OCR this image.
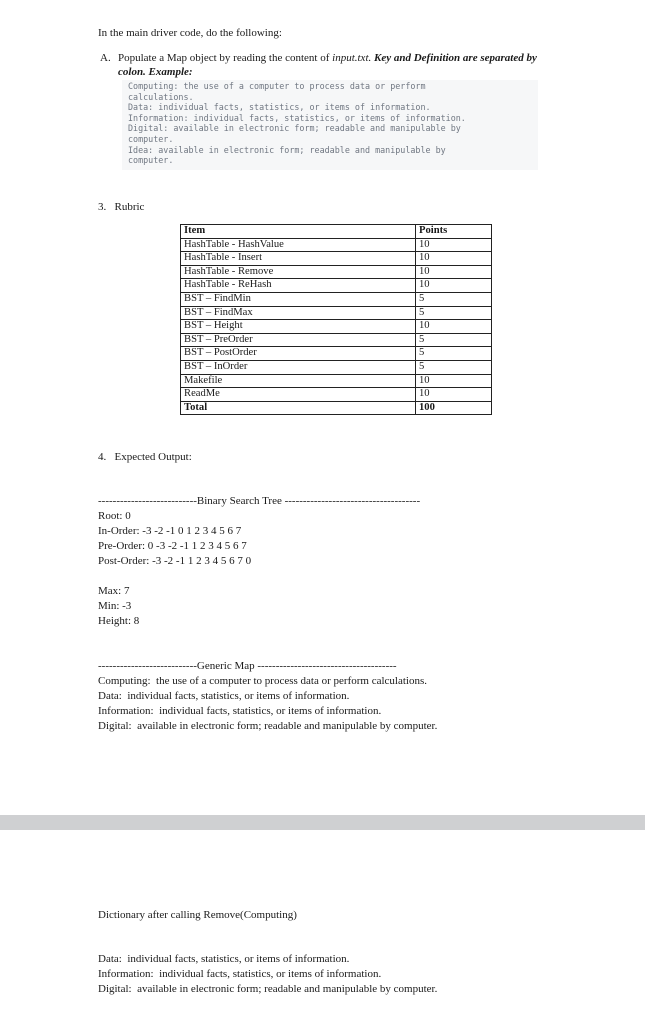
In the main driver code, do the following:
A. Populate a Map object by reading the content of input.txt. Key and Definition are separated by
colon. Example:
Computing: the use of a computer to process data or perform
calculations.
Data: individual facts, statistics, or items of information.
Information: individual facts, statistics, or items of information.
Digital: available in electronic form; readable and manipulable by
computer.
Idea: available in electronic form; readable and manipulable by
computer.
3.   Rubric
Item	Points
HashTable - HashValue	10
HashTable - Insert	10
HashTable - Remove	10
HashTable - ReHash	10
BST – FindMin	5
BST – FindMax	5
BST – Height	10
BST – PreOrder	5
BST – PostOrder	5
BST – InOrder	5
Makefile	10
ReadMe	10
Total	100
4.   Expected Output:
---------------------------Binary Search Tree -------------------------------------
Root: 0
In-Order: -3 -2 -1 0 1 2 3 4 5 6 7
Pre-Order: 0 -3 -2 -1 1 2 3 4 5 6 7
Post-Order: -3 -2 -1 1 2 3 4 5 6 7 0
Max: 7
Min: -3
Height: 8
---------------------------Generic Map --------------------------------------
Computing:  the use of a computer to process data or perform calculations.
Data:  individual facts, statistics, or items of information.
Information:  individual facts, statistics, or items of information.
Digital:  available in electronic form; readable and manipulable by computer.
Dictionary after calling Remove(Computing)
Data:  individual facts, statistics, or items of information.
Information:  individual facts, statistics, or items of information.
Digital:  available in electronic form; readable and manipulable by computer.
